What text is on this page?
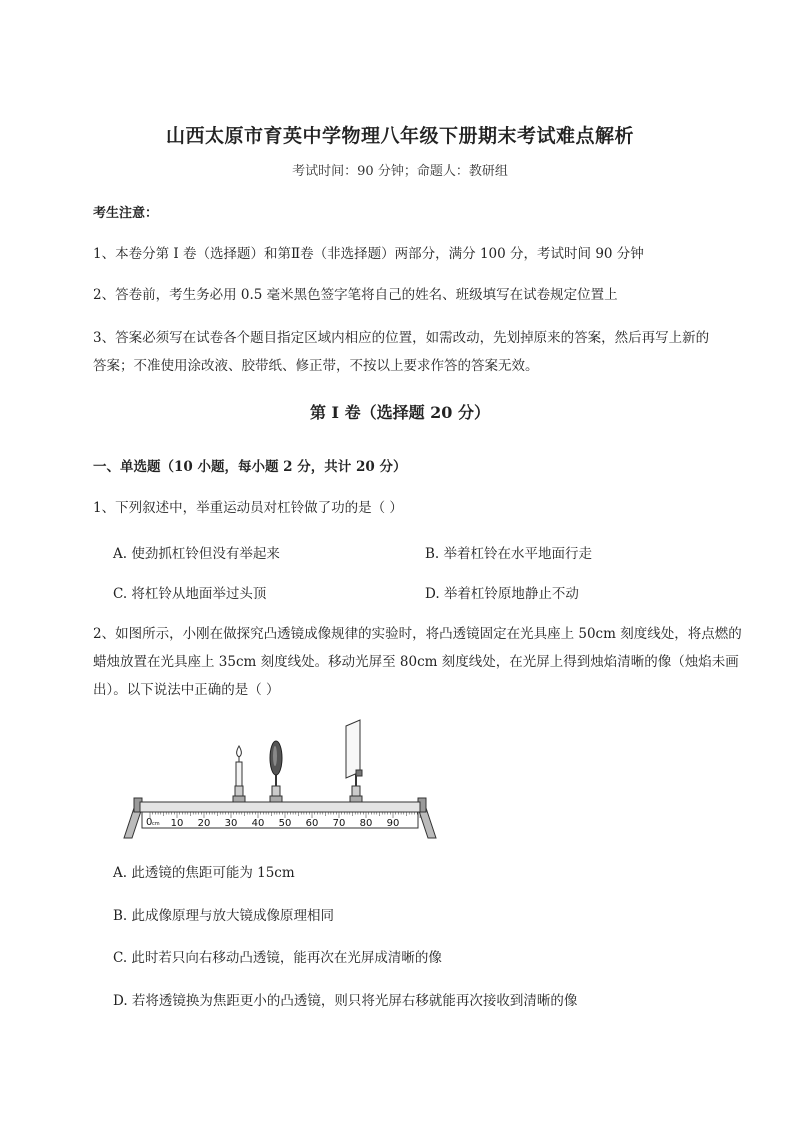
山西太原市育英中学物理八年级下册期末考试难点解析
考试时间：90 分钟；命题人：教研组
考生注意：
1、本卷分第 I 卷（选择题）和第Ⅱ卷（非选择题）两部分，满分 100 分，考试时间 90 分钟
2、答卷前，考生务必用 0.5 毫米黑色签字笔将自己的姓名、班级填写在试卷规定位置上
3、答案必须写在试卷各个题目指定区域内相应的位置，如需改动，先划掉原来的答案，然后再写上新的答案；不准使用涂改液、胶带纸、修正带，不按以上要求作答的答案无效。
第 I 卷（选择题 20 分）
一、单选题（10 小题，每小题 2 分，共计 20 分）
1、下列叙述中，举重运动员对杠铃做了功的是（ ）
A. 使劲抓杠铃但没有举起来	B. 举着杠铃在水平地面行走
C. 将杠铃从地面举过头顶	D. 举着杠铃原地静止不动
2、如图所示，小刚在做探究凸透镜成像规律的实验时，将凸透镜固定在光具座上 50cm 刻度线处，将点燃的蜡烛放置在光具座上 35cm 刻度线处。移动光屏至 80cm 刻度线处，在光屏上得到烛焰清晰的像（烛焰未画出）。以下说法中正确的是（ ）
0 cm 10 20 30 40 50 60 70 80 90
A. 此透镜的焦距可能为 15cm
B. 此成像原理与放大镜成像原理相同
C. 此时若只向右移动凸透镜，能再次在光屏成清晰的像
D. 若将透镜换为焦距更小的凸透镜，则只将光屏右移就能再次接收到清晰的像
